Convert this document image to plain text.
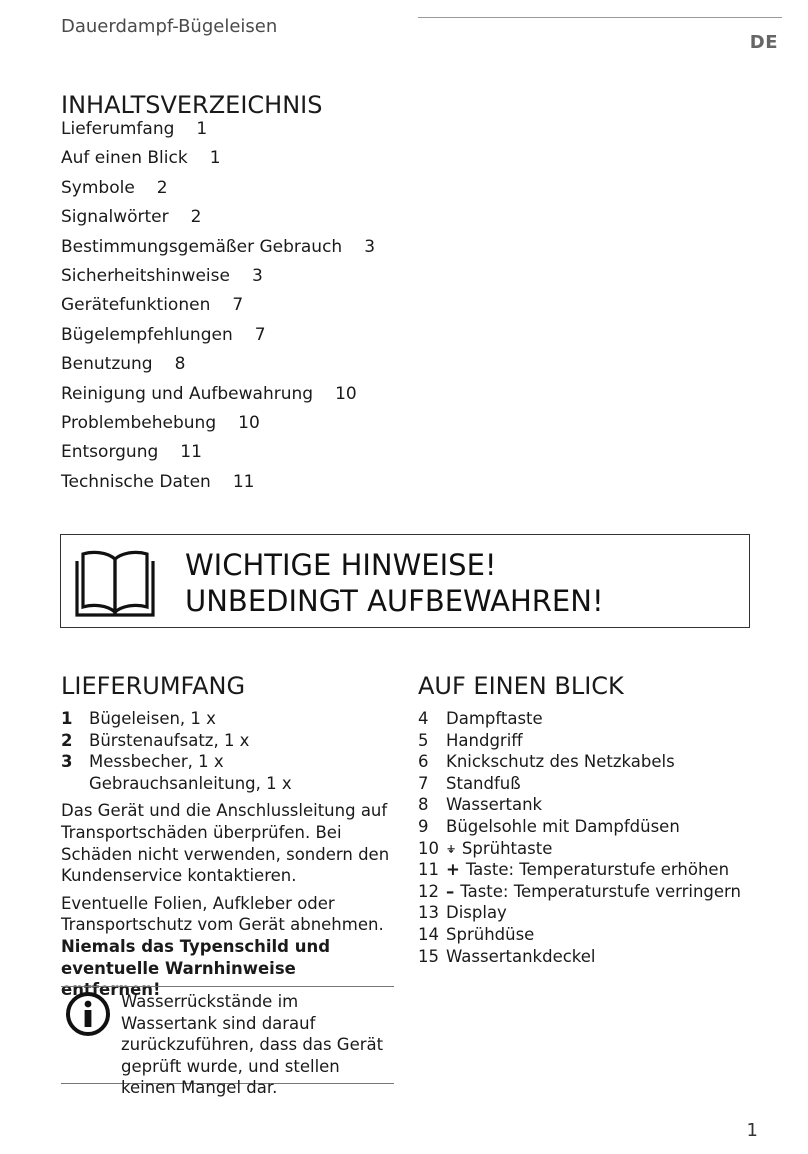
Dauerdampf-Bügeleisen
DE
INHALTSVERZEICHNIS
Lieferumfang 1
Auf einen Blick 1
Symbole 2
Signalwörter 2
Bestimmungsgemäßer Gebrauch 3
Sicherheitshinweise 3
Gerätefunktionen 7
Bügelempfehlungen 7
Benutzung 8
Reinigung und Aufbewahrung 10
Problembehebung 10
Entsorgung 11
Technische Daten 11
WICHTIGE HINWEISE!
UNBEDINGT AUFBEWAHREN!
LIEFERUMFANG
1	Bügeleisen, 1 x
2	Bürstenaufsatz, 1 x
3	Messbecher, 1 x
Gebrauchsanleitung, 1 x

Das Gerät und die Anschlussleitung auf Transportschäden überprüfen. Bei Schäden nicht verwenden, sondern den Kundenservice kontaktieren.

Eventuelle Folien, Aufkleber oder Transportschutz vom Gerät abnehmen.

Niemals das Typenschild und eventuelle Warnhinweise entfernen!

Wasserrückstände im Wassertank sind darauf zurückzuführen, dass das Gerät geprüft wurde, und stellen keinen Mangel dar.
AUF EINEN BLICK
4	Dampftaste
5	Handgriff
6	Knickschutz des Netzkabels
7	Standfuß
8	Wassertank
9	Bügelsohle mit Dampfdüsen
10 ⍖ Sprühtaste
11 + Taste: Temperaturstufe erhöhen
12 – Taste: Temperaturstufe verringern
13 Display
14 Sprühdüse
15 Wassertankdeckel
1
